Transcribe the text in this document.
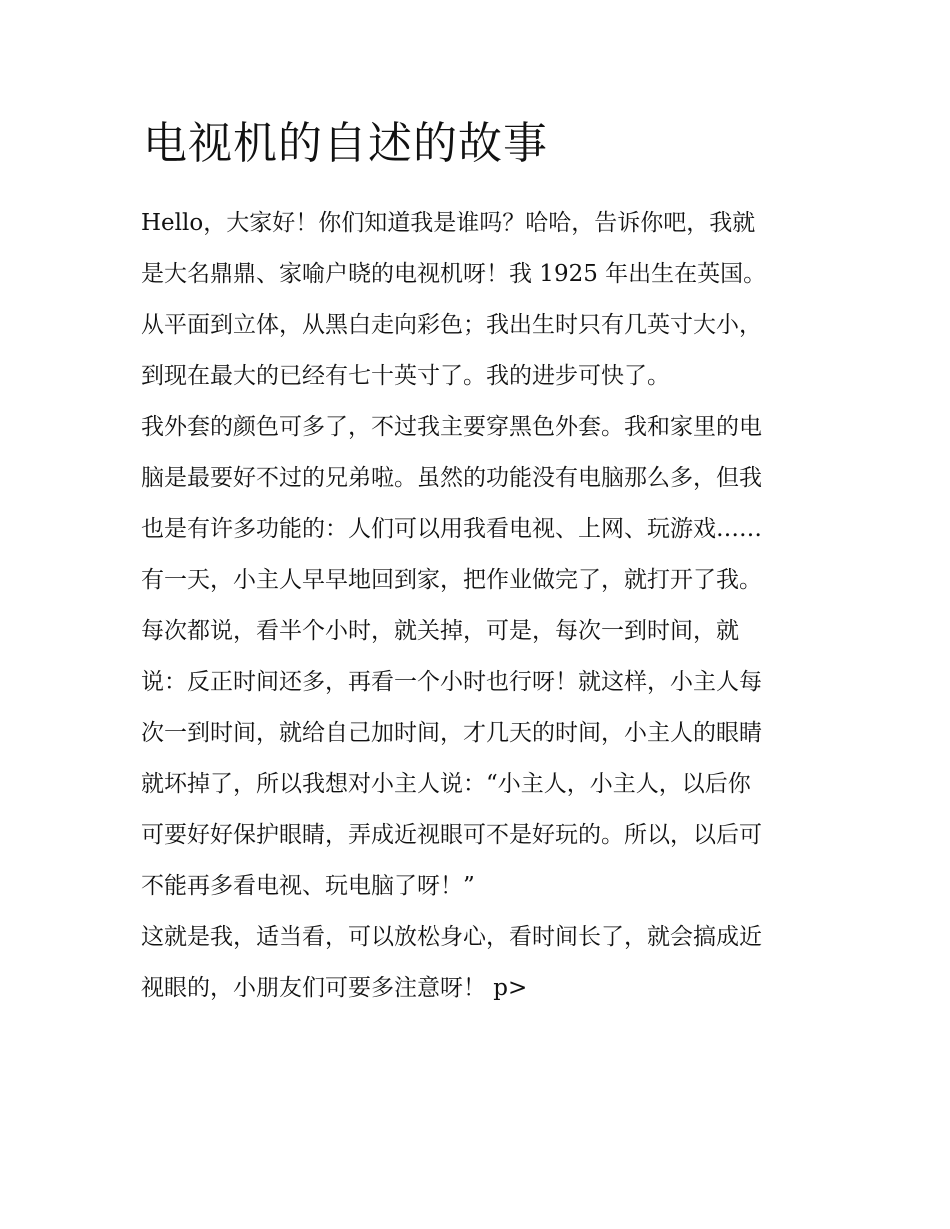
电视机的自述的故事
Hello，大家好！你们知道我是谁吗？哈哈，告诉你吧，我就
是大名鼎鼎、家喻户晓的电视机呀！我 1925 年出生在英国。
从平面到立体，从黑白走向彩色；我出生时只有几英寸大小，
到现在最大的已经有七十英寸了。我的进步可快了。
我外套的颜色可多了，不过我主要穿黑色外套。我和家里的电
脑是最要好不过的兄弟啦。虽然的功能没有电脑那么多，但我
也是有许多功能的：人们可以用我看电视、上网、玩游戏……
有一天，小主人早早地回到家，把作业做完了，就打开了我。
每次都说，看半个小时，就关掉，可是，每次一到时间，就
说：反正时间还多，再看一个小时也行呀！就这样，小主人每
次一到时间，就给自己加时间，才几天的时间，小主人的眼睛
就坏掉了，所以我想对小主人说：“小主人，小主人，以后你
可要好好保护眼睛，弄成近视眼可不是好玩的。所以，以后可
不能再多看电视、玩电脑了呀！”
这就是我，适当看，可以放松身心，看时间长了，就会搞成近
视眼的，小朋友们可要多注意呀！ p>
